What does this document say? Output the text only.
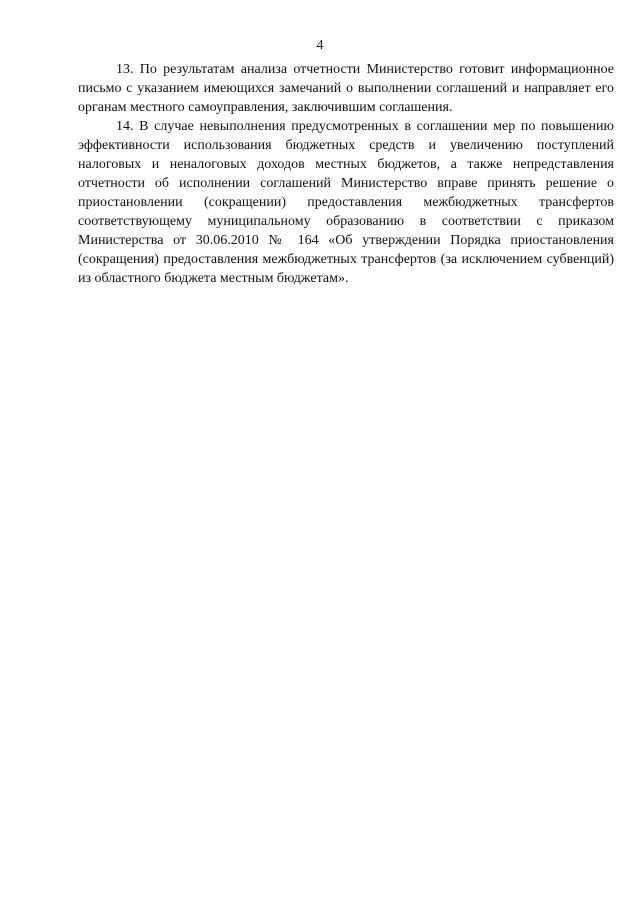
4

13. По результатам анализа отчетности Министерство готовит информационное письмо с указанием имеющихся замечаний о выполнении соглашений и направляет его органам местного самоуправления, заключившим соглашения.

14. В случае невыполнения предусмотренных в соглашении мер по повышению эффективности использования бюджетных средств и увеличению поступлений налоговых и неналоговых доходов местных бюджетов, а также непредставления отчетности об исполнении соглашений Министерство вправе принять решение о приостановлении (сокращении) предоставления межбюджетных трансфертов соответствующему муниципальному образованию в соответствии с приказом Министерства от 30.06.2010 № 164 «Об утверждении Порядка приостановления (сокращения) предоставления межбюджетных трансфертов (за исключением субвенций) из областного бюджета местным бюджетам».
